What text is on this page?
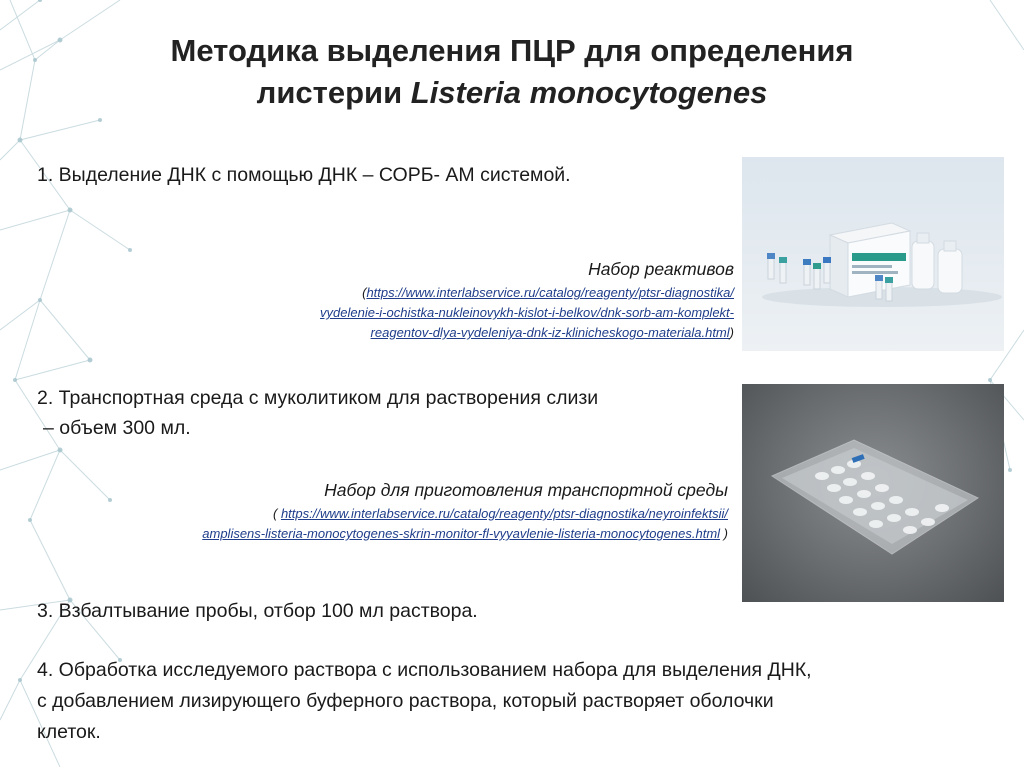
Методика выделения ПЦР для определения
листерии Listeria monocytogenes
1. Выделение ДНК с помощью ДНК – СОРБ- АМ системой.
Набор реактивов
(https://www.interlabservice.ru/catalog/reagenty/ptsr-diagnostika/
vydelenie-i-ochistka-nukleinovykh-kislot-i-belkov/dnk-sorb-am-komplekt-
reagentov-dlya-vydeleniya-dnk-iz-klinicheskogo-materiala.html)
2. Транспортная среда с муколитиком для растворения слизи
– объем 300 мл.
Набор для приготовления транспортной среды
( https://www.interlabservice.ru/catalog/reagenty/ptsr-diagnostika/neyroinfektsii/
amplisens-listeria-monocytogenes-skrin-monitor-fl-vyyavlenie-listeria-monocytogenes.html )
3. Взбалтывание пробы, отбор 100 мл раствора.
4. Обработка исследуемого раствора с использованием набора для выделения ДНК,
с добавлением лизирующего буферного раствора, который растворяет оболочки
клеток.
